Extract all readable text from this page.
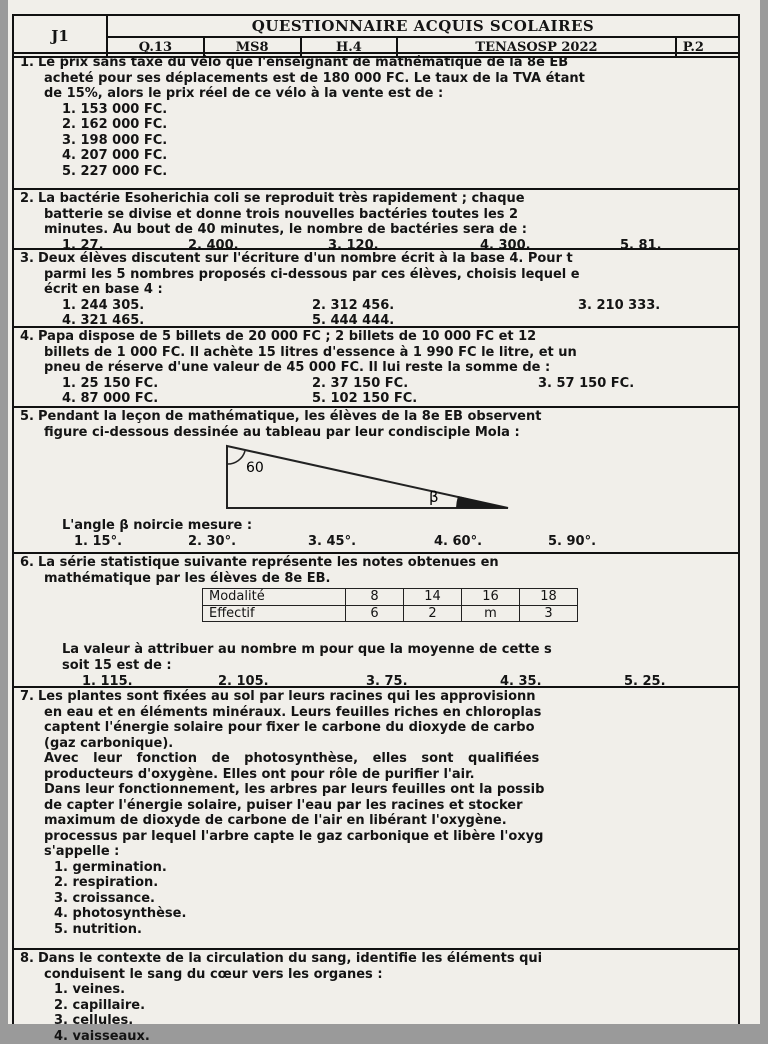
J1
QUESTIONNAIRE ACQUIS SCOLAIRES
Q.13	MS8	H.4	TENASOSP 2022	P.2
1. Le prix sans taxe du vélo que l'enseignant de mathématique de la 8e EB
acheté pour ses déplacements est de 180 000 FC. Le taux de la TVA étant
de 15%, alors le prix réel de ce vélo à la vente est de :
1. 153 000 FC.
2. 162 000 FC.
3. 198 000 FC.
4. 207 000 FC.
5. 227 000 FC.
2. La bactérie Esoherichia coli se reproduit très rapidement ; chaque
batterie se divise et donne trois nouvelles bactéries toutes les 2
minutes. Au bout de 40 minutes, le nombre de bactéries sera de :
1. 27.	2. 400.	3. 120.	4. 300.	5. 81.
3. Deux élèves discutent sur l'écriture d'un nombre écrit à la base 4. Pour t
parmi les 5 nombres proposés ci-dessous par ces élèves, choisis lequel e
écrit en base 4 :
1. 244 305.	2. 312 456.	3. 210 333.
4. 321 465.	5. 444 444.
4. Papa dispose de 5 billets de 20 000 FC ; 2 billets de 10 000 FC et 12
billets de 1 000 FC. Il achète 15 litres d'essence à 1 990 FC le litre, et un
pneu de réserve d'une valeur de 45 000 FC. Il lui reste la somme de :
1. 25 150 FC.	2. 37 150 FC.	3. 57 150 FC.
4. 87 000 FC.	5. 102 150 FC.
5. Pendant la leçon de mathématique, les élèves de la 8e EB observent
figure ci-dessous dessinée au tableau par leur condisciple Mola :
60
β
L'angle β noircie mesure :
1. 15°.	2. 30°.	3. 45°.	4. 60°.	5. 90°.
6. La série statistique suivante représente les notes obtenues en
mathématique par les élèves de 8e EB.
Modalité	8	14	16	18
Effectif	6	2	m	3
La valeur à attribuer au nombre m pour que la moyenne de cette s
soit 15 est de :
1. 115.	2. 105.	3. 75.	4. 35.	5. 25.
7. Les plantes sont fixées au sol par leurs racines qui les approvisionn
en eau et en éléments minéraux. Leurs feuilles riches en chloroplas
captent l'énergie solaire pour fixer le carbone du dioxyde de carbo
(gaz carbonique).
Avec leur fonction de photosynthèse, elles sont qualifiées
producteurs d'oxygène. Elles ont pour rôle de purifier l'air.
Dans leur fonctionnement, les arbres par leurs feuilles ont la possib
de capter l'énergie solaire, puiser l'eau par les racines et stocker
maximum de dioxyde de carbone de l'air en libérant l'oxygène.
processus par lequel l'arbre capte le gaz carbonique et libère l'oxyg
s'appelle :
1. germination.
2. respiration.
3. croissance.
4. photosynthèse.
5. nutrition.
8. Dans le contexte de la circulation du sang, identifie les éléments qui
conduisent le sang du cœur vers les organes :
1. veines.
2. capillaire.
3. cellules.
4. vaisseaux.
